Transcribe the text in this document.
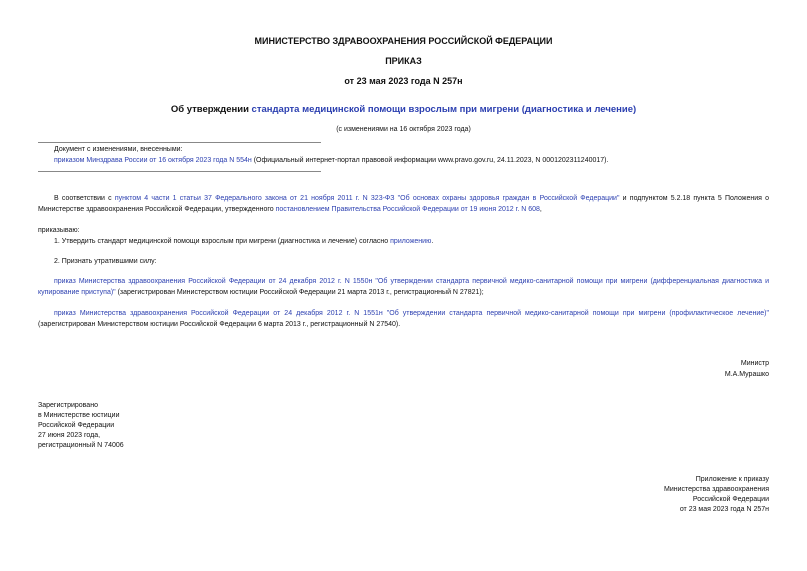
МИНИСТЕРСТВО ЗДРАВООХРАНЕНИЯ РОССИЙСКОЙ ФЕДЕРАЦИИ
ПРИКАЗ
от 23 мая 2023 года N 257н
Об утверждении стандарта медицинской помощи взрослым при мигрени (диагностика и лечение)
(с изменениями на 16 октября 2023 года)
Документ с изменениями, внесенными:
приказом Минздрава России от 16 октября 2023 года N 554н (Официальный интернет-портал правовой информации www.pravo.gov.ru, 24.11.2023, N 0001202311240017).
В соответствии с пунктом 4 части 1 статьи 37 Федерального закона от 21 ноября 2011 г. N 323-ФЗ "Об основах охраны здоровья граждан в Российской Федерации" и подпунктом 5.2.18 пункта 5 Положения о Министерстве здравоохранения Российской Федерации, утвержденного постановлением Правительства Российской Федерации от 19 июня 2012 г. N 608,
приказываю:
1. Утвердить стандарт медицинской помощи взрослым при мигрени (диагностика и лечение) согласно приложению.
2. Признать утратившими силу:
приказ Министерства здравоохранения Российской Федерации от 24 декабря 2012 г. N 1550н "Об утверждении стандарта первичной медико-санитарной помощи при мигрени (дифференциальная диагностика и купирование приступа)" (зарегистрирован Министерством юстиции Российской Федерации 21 марта 2013 г., регистрационный N 27821);
приказ Министерства здравоохранения Российской Федерации от 24 декабря 2012 г. N 1551н "Об утверждении стандарта первичной медико-санитарной помощи при мигрени (профилактическое лечение)" (зарегистрирован Министерством юстиции Российской Федерации 6 марта 2013 г., регистрационный N 27540).
Министр
М.А.Мурашко
Зарегистрировано
в Министерстве юстиции
Российской Федерации
27 июня 2023 года,
регистрационный N 74006
Приложение к приказу
Министерства здравоохранения
Российской Федерации
от 23 мая 2023 года N 257н
